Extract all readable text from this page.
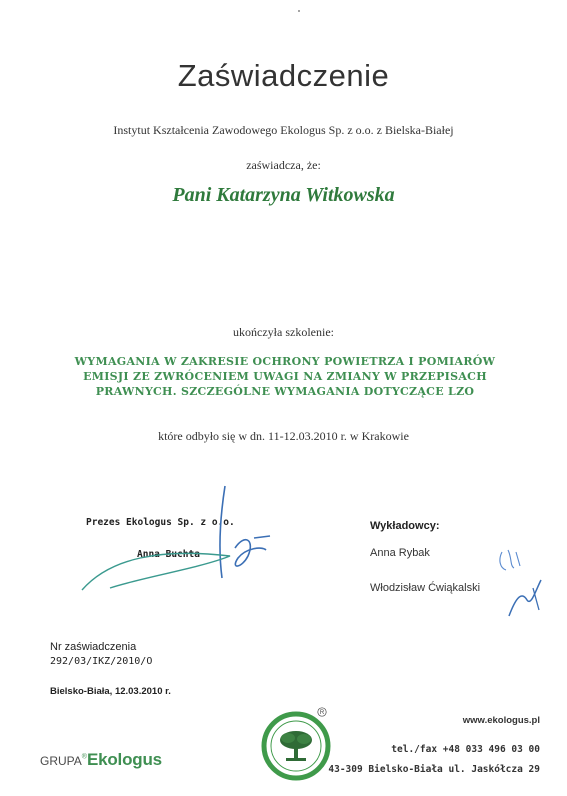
Zaświadczenie
Instytut Kształcenia Zawodowego Ekologus Sp. z o.o. z Bielska-Białej
zaświadcza, że:
Pani Katarzyna Witkowska
ukończyła szkolenie:
WYMAGANIA W ZAKRESIE OCHRONY POWIETRZA I POMIARÓW
EMISJI ZE ZWRÓCENIEM UWAGI NA ZMIANY W PRZEPISACH
PRAWNYCH. SZCZEGÓLNE WYMAGANIA DOTYCZĄCE LZO
które odbyło się w dn. 11-12.03.2010 r. w Krakowie
Prezes Ekologus Sp. z o.o.
Anna Buchta
Wykładowcy:
Anna Rybak
Włodzisław Ćwiąkalski
Nr zaświadczenia
292/03/IKZ/2010/O
Bielsko-Biała, 12.03.2010 r.
R
GRUPA®Ekologus
www.ekologus.pl
tel./fax +48 033 496 03 00
43-309 Bielsko-Biała ul. Jaskółcza 29
